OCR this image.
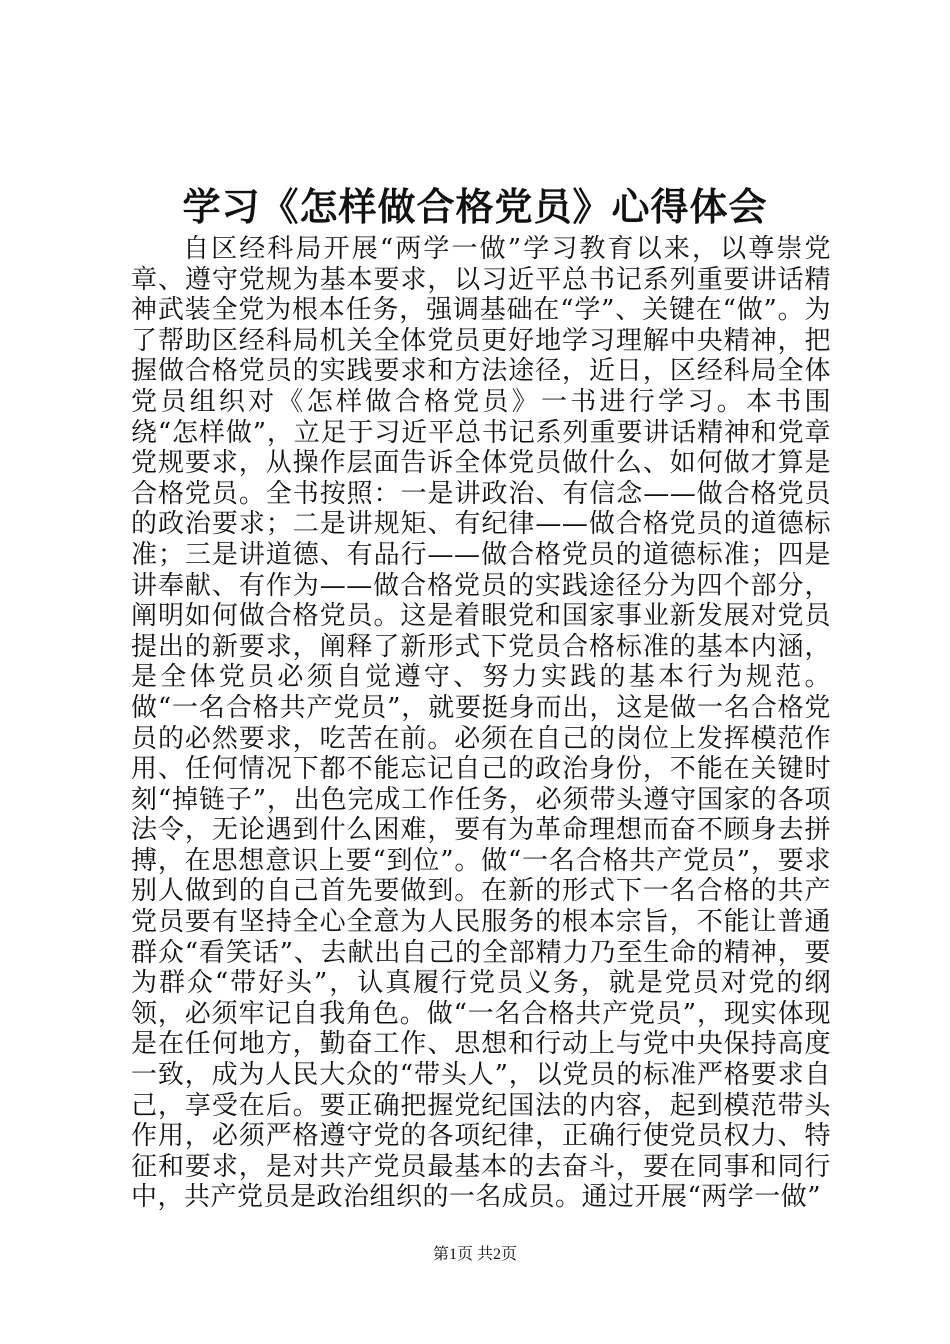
学习《怎样做合格党员》心得体会

自区经科局开展“两学一做”学习教育以来，以尊崇党章、遵守党规为基本要求，以习近平总书记系列重要讲话精神武装全党为根本任务，强调基础在“学”、关键在“做”。为了帮助区经科局机关全体党员更好地学习理解中央精神，把握做合格党员的实践要求和方法途径，近日，区经科局全体党员组织对《怎样做合格党员》一书进行学习。本书围绕“怎样做”，立足于习近平总书记系列重要讲话精神和党章党规要求，从操作层面告诉全体党员做什么、如何做才算是合格党员。全书按照：一是讲政治、有信念——做合格党员的政治要求；二是讲规矩、有纪律——做合格党员的道德标准；三是讲道德、有品行——做合格党员的道德标准；四是讲奉献、有作为——做合格党员的实践途径分为四个部分，阐明如何做合格党员。这是着眼党和国家事业新发展对党员提出的新要求，阐释了新形式下党员合格标准的基本内涵，是全体党员必须自觉遵守、努力实践的基本行为规范。做“一名合格共产党员”，就要挺身而出，这是做一名合格党员的必然要求，吃苦在前。必须在自己的岗位上发挥模范作用、任何情况下都不能忘记自己的政治身份，不能在关键时刻“掉链子”，出色完成工作任务，必须带头遵守国家的各项法令，无论遇到什么困难，要有为革命理想而奋不顾身去拼搏，在思想意识上要“到位”。做“一名合格共产党员”，要求别人做到的自己首先要做到。在新的形式下一名合格的共产党员要有坚持全心全意为人民服务的根本宗旨，不能让普通群众“看笑话”、去献出自己的全部精力乃至生命的精神，要为群众“带好头”，认真履行党员义务，就是党员对党的纲领，必须牢记自我角色。做“一名合格共产党员”，现实体现是在任何地方，勤奋工作、思想和行动上与党中央保持高度一致，成为人民大众的“带头人”，以党员的标准严格要求自己，享受在后。要正确把握党纪国法的内容，起到模范带头作用，必须严格遵守党的各项纪律，正确行使党员权力、特征和要求，是对共产党员最基本的去奋斗，要在同事和同行中，共产党员是政治组织的一名成员。通过开展“两学一做”

第1页 共2页
